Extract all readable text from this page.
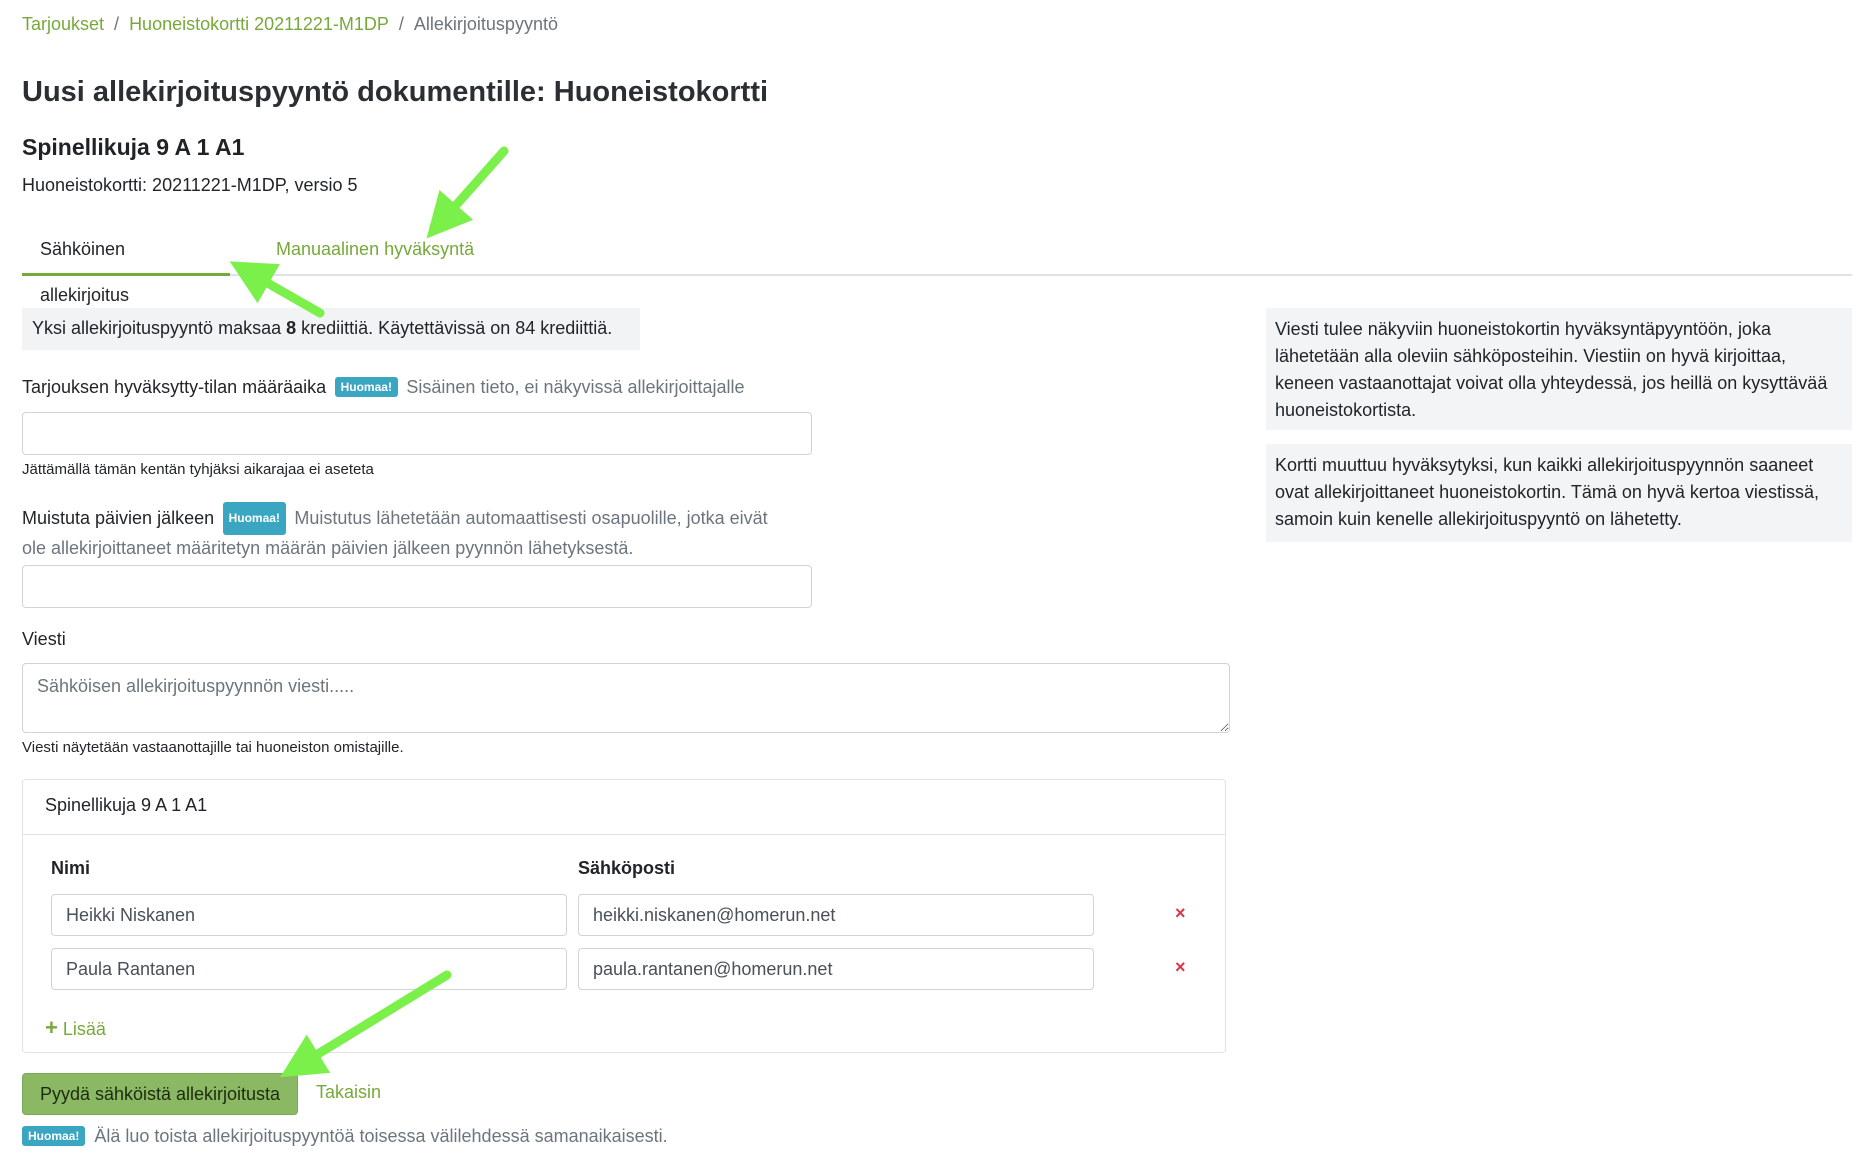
Tarjoukset / Huoneistokortti 20211221-M1DP / Allekirjoituspyyntö
Uusi allekirjoituspyyntö dokumentille: Huoneistokortti
Spinellikuja 9 A 1 A1
Huoneistokortti: 20211221-M1DP, versio 5
Sähköinen allekirjoitus
Manuaalinen hyväksyntä
Yksi allekirjoituspyyntö maksaa 8 krediittiä. Käytettävissä on 84 krediittiä.
Tarjouksen hyväksytty-tilan määräaika Huomaa! Sisäinen tieto, ei näkyvissä allekirjoittajalle
Jättämällä tämän kentän tyhjäksi aikarajaa ei aseteta
Muistuta päivien jälkeen Huomaa! Muistutus lähetetään automaattisesti osapuolille, jotka eivät
ole allekirjoittaneet määritetyn määrän päivien jälkeen pyynnön lähetyksestä.
Viesti
Sähköisen allekirjoituspyynnön viesti.....
Viesti näytetään vastaanottajille tai huoneiston omistajille.
Spinellikuja 9 A 1 A1
Nimi	Sähköposti
Heikki Niskanen
heikki.niskanen@homerun.net
×
Paula Rantanen
paula.rantanen@homerun.net
×
+ Lisää
Pyydä sähköistä allekirjoitusta	Takaisin
Huomaa! Älä luo toista allekirjoituspyyntöä toisessa välilehdessä samanaikaisesti.
Viesti tulee näkyviin huoneistokortin hyväksyntäpyyntöön, joka lähetetään alla oleviin sähköposteihin. Viestiin on hyvä kirjoittaa, keneen vastaanottajat voivat olla yhteydessä, jos heillä on kysyttävää huoneistokortista.
Kortti muuttuu hyväksytyksi, kun kaikki allekirjoituspyynnön saaneet ovat allekirjoittaneet huoneistokortin. Tämä on hyvä kertoa viestissä, samoin kuin kenelle allekirjoituspyyntö on lähetetty.
